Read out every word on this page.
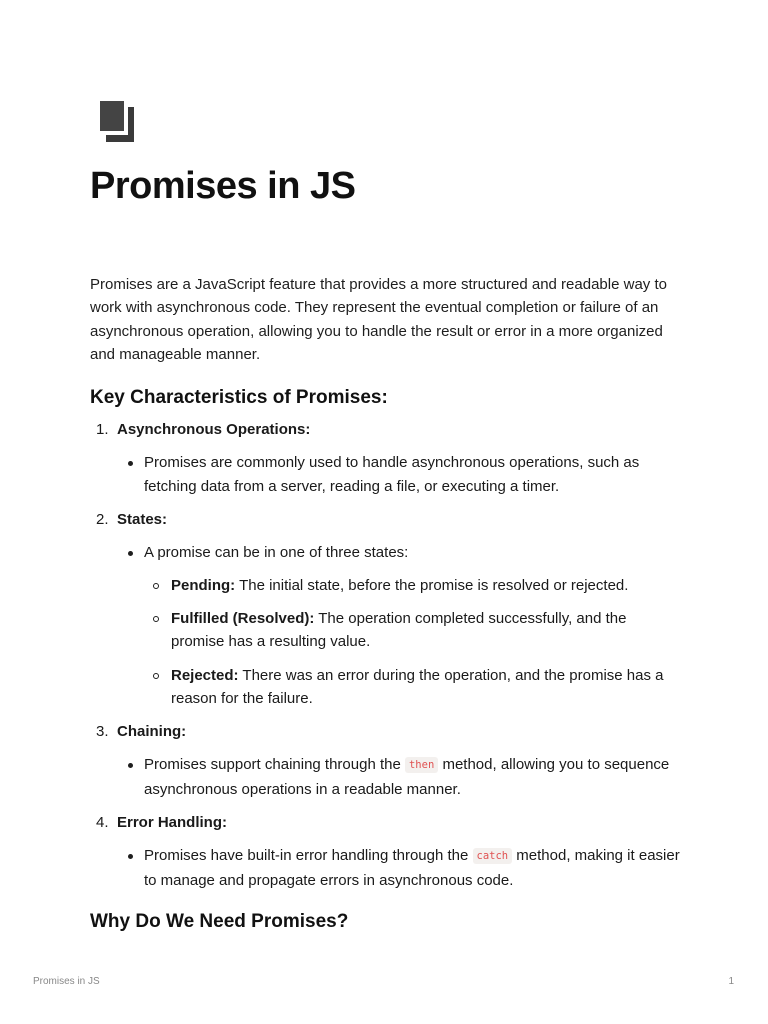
Promises in JS

Promises are a JavaScript feature that provides a more structured and readable way to work with asynchronous code. They represent the eventual completion or failure of an asynchronous operation, allowing you to handle the result or error in a more organized and manageable manner.

Key Characteristics of Promises:
1. Asynchronous Operations:
Promises are commonly used to handle asynchronous operations, such as fetching data from a server, reading a file, or executing a timer.
2. States:
A promise can be in one of three states:
Pending: The initial state, before the promise is resolved or rejected.
Fulfilled (Resolved): The operation completed successfully, and the promise has a resulting value.
Rejected: There was an error during the operation, and the promise has a reason for the failure.
3. Chaining:
Promises support chaining through the then method, allowing you to sequence asynchronous operations in a readable manner.
4. Error Handling:
Promises have built-in error handling through the catch method, making it easier to manage and propagate errors in asynchronous code.
Why Do We Need Promises?
Promises in JS	1
